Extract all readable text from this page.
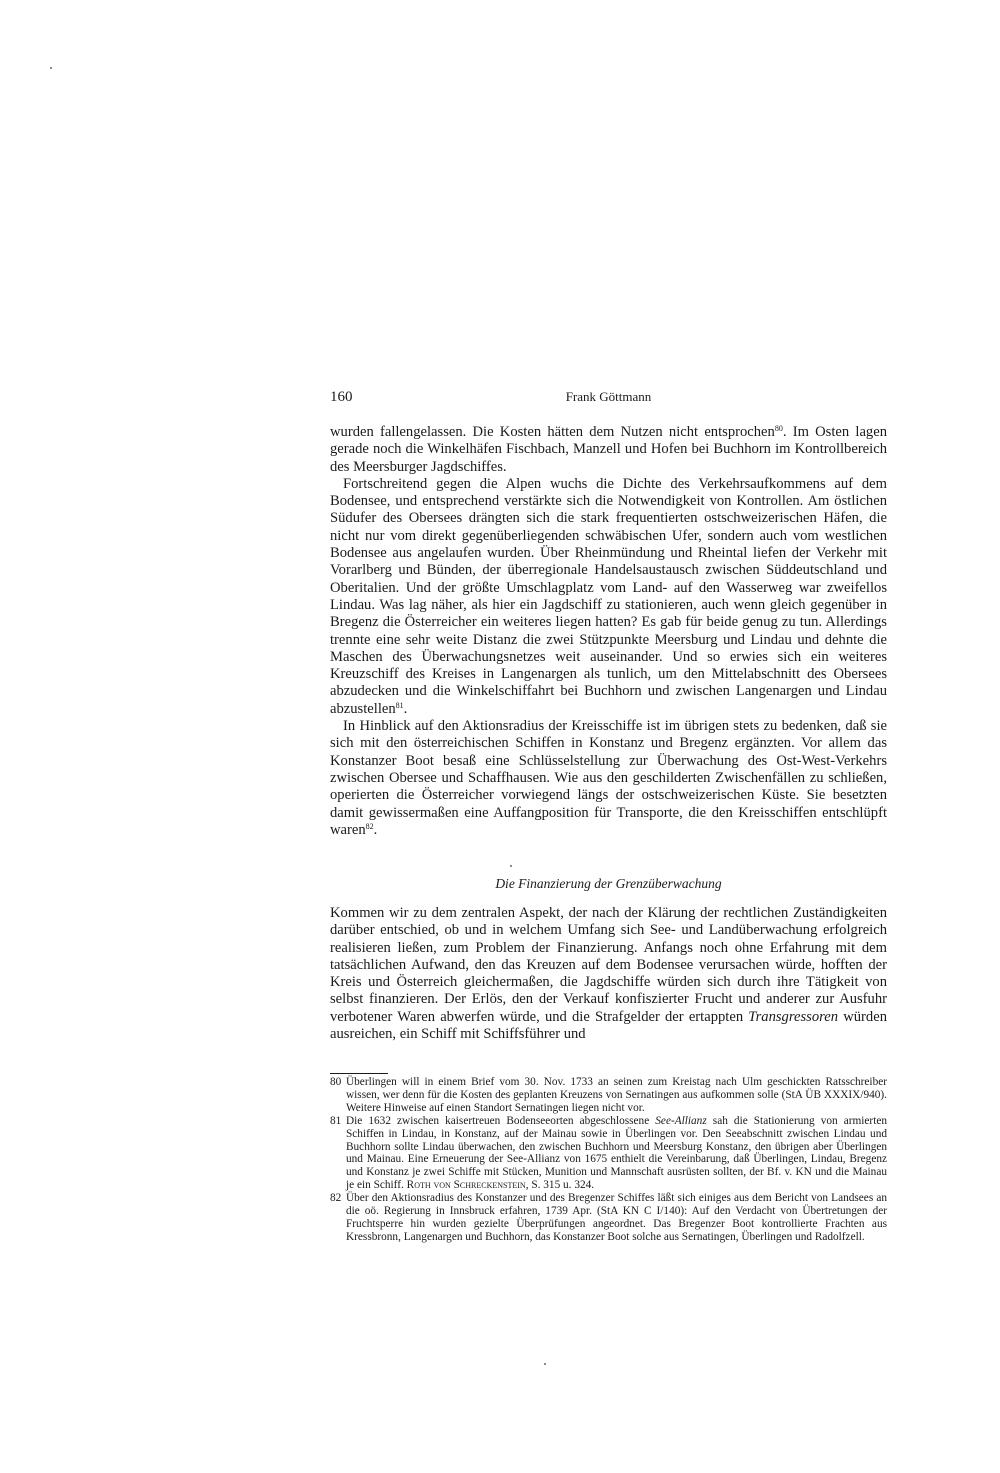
160	Frank Göttmann

wurden fallengelassen. Die Kosten hätten dem Nutzen nicht entsprochen$^{80}$. Im Osten lagen gerade noch die Winkelhäfen Fischbach, Manzell und Hofen bei Buchhorn im Kontrollbereich des Meersburger Jagdschiffes.

Fortschreitend gegen die Alpen wuchs die Dichte des Verkehrsaufkommens auf dem Bodensee, und entsprechend verstärkte sich die Notwendigkeit von Kontrollen. Am östlichen Südufer des Obersees drängten sich die stark frequentierten ostschweizerischen Häfen, die nicht nur vom direkt gegenüberliegenden schwäbischen Ufer, sondern auch vom westlichen Bodensee aus angelaufen wurden. Über Rheinmündung und Rheintal liefen der Verkehr mit Vorarlberg und Bünden, der überregionale Handelsaustausch zwischen Süddeutschland und Oberitalien. Und der größte Umschlagplatz vom Land- auf den Wasserweg war zweifellos Lindau. Was lag näher, als hier ein Jagdschiff zu stationieren, auch wenn gleich gegenüber in Bregenz die Österreicher ein weiteres liegen hatten? Es gab für beide genug zu tun. Allerdings trennte eine sehr weite Distanz die zwei Stützpunkte Meersburg und Lindau und dehnte die Maschen des Überwachungsnetzes weit auseinander. Und so erwies sich ein weiteres Kreuzschiff des Kreises in Langenargen als tunlich, um den Mittelabschnitt des Obersees abzudecken und die Winkelschiffahrt bei Buchhorn und zwischen Langenargen und Lindau abzustellen$^{81}$.

In Hinblick auf den Aktionsradius der Kreisschiffe ist im übrigen stets zu bedenken, daß sie sich mit den österreichischen Schiffen in Konstanz und Bregenz ergänzten. Vor allem das Konstanzer Boot besaß eine Schlüsselstellung zur Überwachung des Ost-West-Verkehrs zwischen Obersee und Schaffhausen. Wie aus den geschilderten Zwischenfällen zu schließen, operierten die Österreicher vorwiegend längs der ostschweizerischen Küste. Sie besetzten damit gewissermaßen eine Auffangposition für Transporte, die den Kreisschiffen entschlüpft waren$^{82}$.

Die Finanzierung der Grenzüberwachung

Kommen wir zu dem zentralen Aspekt, der nach der Klärung der rechtlichen Zuständigkeiten darüber entschied, ob und in welchem Umfang sich See- und Landüberwachung erfolgreich realisieren ließen, zum Problem der Finanzierung. Anfangs noch ohne Erfahrung mit dem tatsächlichen Aufwand, den das Kreuzen auf dem Bodensee verursachen würde, hofften der Kreis und Österreich gleichermaßen, die Jagdschiffe würden sich durch ihre Tätigkeit von selbst finanzieren. Der Erlös, den der Verkauf konfiszierter Frucht und anderer zur Ausfuhr verbotener Waren abwerfen würde, und die Strafgelder der ertappten Transgressoren würden ausreichen, ein Schiff mit Schiffsführer und

80 Überlingen will in einem Brief vom 30. Nov. 1733 an seinen zum Kreistag nach Ulm geschickten Ratsschreiber wissen, wer denn für die Kosten des geplanten Kreuzens von Sernatingen aus aufkommen solle (StA ÜB XXXIX/940). Weitere Hinweise auf einen Standort Sernatingen liegen nicht vor.
81 Die 1632 zwischen kaisertreuen Bodenseeorten abgeschlossene See-Allianz sah die Stationierung von armierten Schiffen in Lindau, in Konstanz, auf der Mainau sowie in Überlingen vor. Den Seeabschnitt zwischen Lindau und Buchhorn sollte Lindau überwachen, den zwischen Buchhorn und Meersburg Konstanz, den übrigen aber Überlingen und Mainau. Eine Erneuerung der See-Allianz von 1675 enthielt die Vereinbarung, daß Überlingen, Lindau, Bregenz und Konstanz je zwei Schiffe mit Stücken, Munition und Mannschaft ausrüsten sollten, der Bf. v. KN und die Mainau je ein Schiff. Roth von Schreckenstein, S. 315 u. 324.
82 Über den Aktionsradius des Konstanzer und des Bregenzer Schiffes läßt sich einiges aus dem Bericht von Landsees an die oö. Regierung in Innsbruck erfahren, 1739 Apr. (StA KN C I/140): Auf den Verdacht von Übertretungen der Fruchtsperre hin wurden gezielte Überprüfungen angeordnet. Das Bregenzer Boot kontrollierte Frachten aus Kressbronn, Langenargen und Buchhorn, das Konstanzer Boot solche aus Sernatingen, Überlingen und Radolfzell.
